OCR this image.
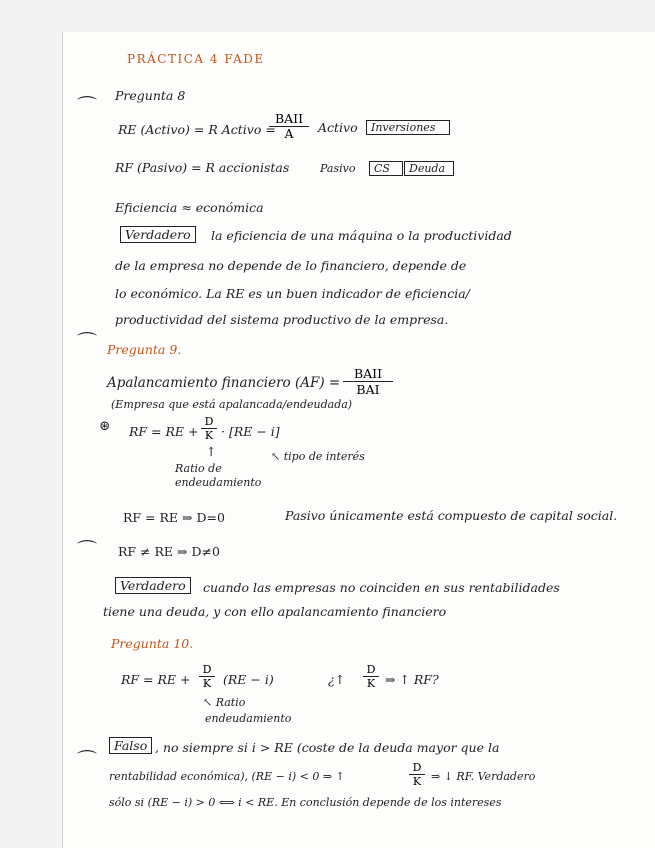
⌒
⌒
⌒
⌒
PRÁCTICA 4 FADE
Pregunta 8
RE (Activo) = R Activo =
BAII
A	Activo	Inversiones
RF (Pasivo) = R accionistas	Pasivo	CS	Deuda
Eficiencia ≈ económica
Verdadero	la eficiencia de una máquina o la productividad
de la empresa no depende de lo financiero, depende de
lo económico. La RE es un buen indicador de eficiencia/
productividad del sistema productivo de la empresa.
Pregunta 9.
Apalancamiento financiero (AF) =
BAII
BAI
(Empresa que está apalancada/endeudada)
⊛ RF = RE + $\frac{D}{K} \cdot [RE - i]$
↑
Ratio de
endeudamiento
↖ tipo de interés
RF = RE ⇒ D=0	Pasivo únicamente está compuesto de capital social.
RF ≠ RE ⇒ D≠0
Verdadero	cuando las empresas no coinciden en sus rentabilidades
tiene una deuda, y con ello apalancamiento financiero
Pregunta 10.
RF = RE + $\frac{D}{K} (RE - i)$	¿↑ $\frac{D}{K}$ ⇒ ↑ RF?
↖ Ratio
endeudamiento
Falso , no siempre si i > RE (coste de la deuda mayor que la
rentabilidad económica), (RE − i) < 0 ⇒ ↑	$\frac{D}{K}$ ⇒ ↓ RF. Verdadero
sólo si (RE − i) > 0 ⟺ i < RE. En conclusión depende de los intereses
